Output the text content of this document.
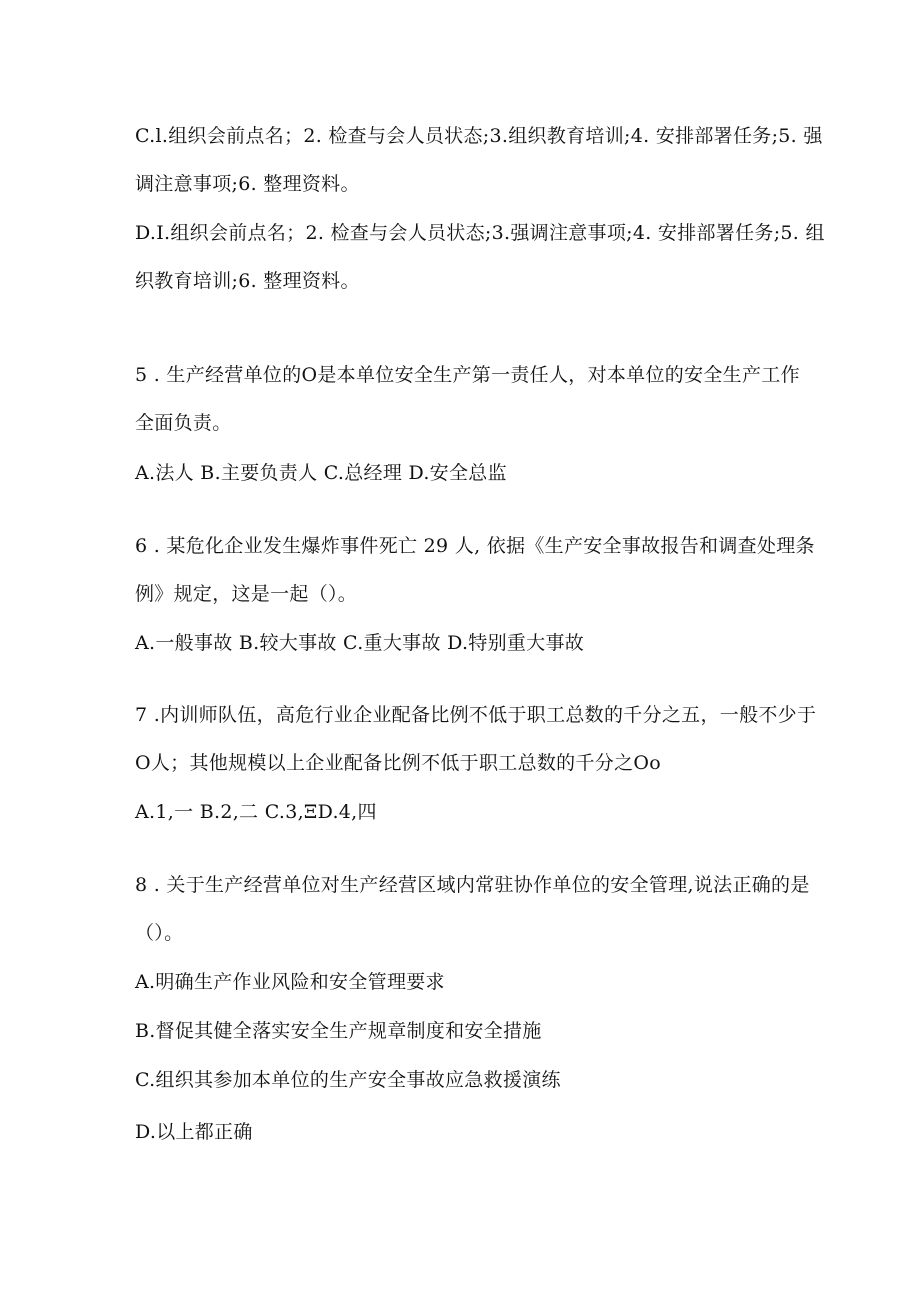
C.l.组织会前点名；2. 检查与会人员状态;3.组织教育培训;4. 安排部署任务;5. 强
调注意事项;6. 整理资料。
D.I.组织会前点名；2. 检查与会人员状态;3.强调注意事项;4. 安排部署任务;5. 组
织教育培训;6. 整理资料。
5 . 生产经营单位的O是本单位安全生产第一责任人，对本单位的安全生产工作
全面负责。
A.法人 B.主要负责人 C.总经理 D.安全总监
6 . 某危化企业发生爆炸事件死亡 29 人, 依据《生产安全事故报告和调查处理条
例》规定，这是一起（）。
A.一般事故 B.较大事故 C.重大事故 D.特别重大事故
7 .内训师队伍，高危行业企业配备比例不低于职工总数的千分之五，一般不少于
O人；其他规模以上企业配备比例不低于职工总数的千分之Oo
A.1,一 B.2,二 C.3,ΞD.4,四
8 . 关于生产经营单位对生产经营区域内常驻协作单位的安全管理,说法正确的是
（）。
A.明确生产作业风险和安全管理要求
B.督促其健全落实安全生产规章制度和安全措施
C.组织其参加本单位的生产安全事故应急救援演练
D.以上都正确
